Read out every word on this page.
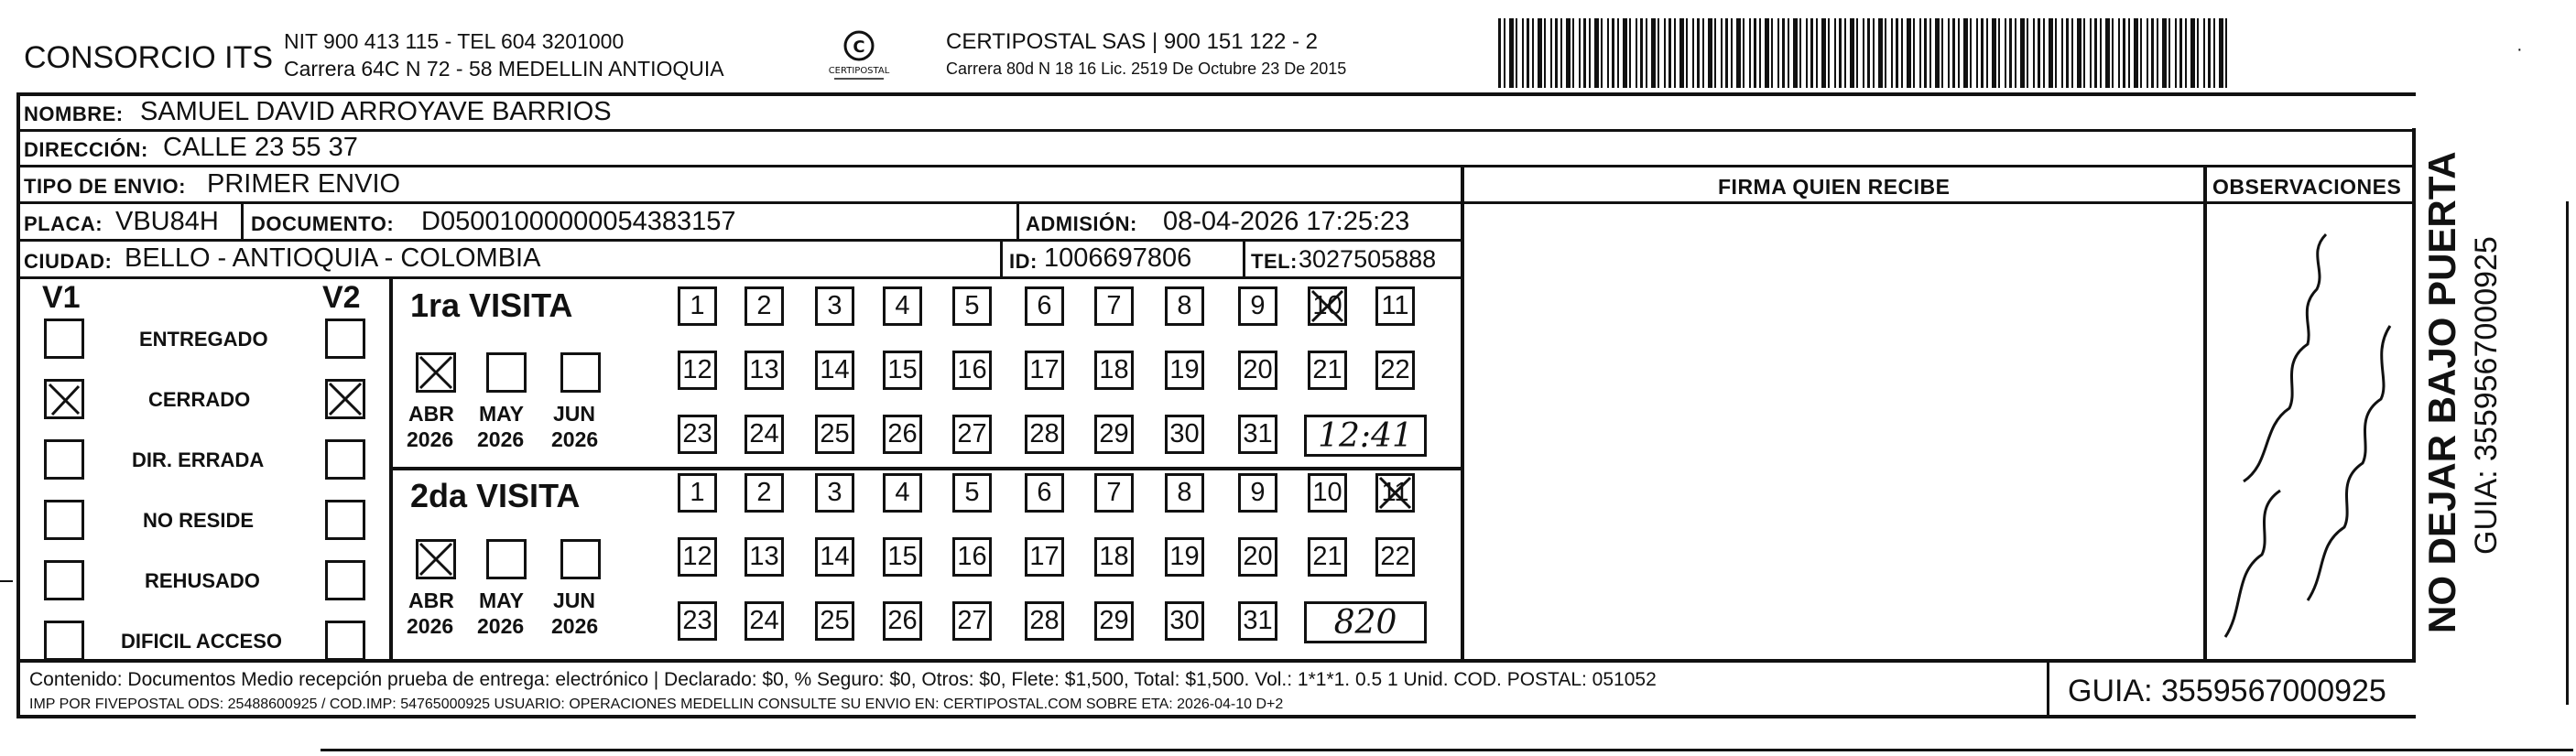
CONSORCIO ITS NIT 900 413 115 - TEL 604 3201000
Carrera 64C N 72 - 58 MEDELLIN ANTIOQUIA
C
CERTIPOSTAL
CERTIPOSTAL SAS | 900 151 122 - 2
Carrera 80d N 18 16 Lic. 2519 De Octubre 23 De 2015
·
NOMBRE: SAMUEL DAVID ARROYAVE BARRIOS
DIRECCIÓN: CALLE 23 55 37
TIPO DE ENVIO: PRIMER ENVIO	FIRMA QUIEN RECIBE	OBSERVACIONES
PLACA: VBU84H DOCUMENTO: D05001000000054383157	ADMISIÓN: 08-04-2026 17:25:23
CIUDAD: BELLO - ANTIOQUIA - COLOMBIA	ID: 1006697806	TEL: 3027505888
V1	V2
ENTREGADO
CERRADO
DIR. ERRADA
NO RESIDE
REHUSADO
DIFICIL ACCESO
1ra VISITA
2da VISITA
1	2	3	4	5	6	7	8	9	10 11
12 13 14 15 16 17 18 19 20 21 22
23 24 25 26 27 28 29 30 31 12:41
ABR
2026
MAY
2026
JUN
2026
1	2	3	4	5	6	7	8	9	10 11
12 13 14 15 16 17 18 19 20 21 22
23 24 25 26 27 28 29 30 31 820
ABR
2026
MAY
2026
JUN
2026
Contenido: Documentos Medio recepción prueba de entrega: electrónico | Declarado: $0, % Seguro: $0, Otros: $0, Flete: $1,500, Total: $1,500. Vol.: 1*1*1. 0.5 1 Unid. COD. POSTAL: 051052
IMP POR FIVEPOSTAL ODS: 25488600925 / COD.IMP: 54765000925 USUARIO: OPERACIONES MEDELLIN CONSULTE SU ENVIO EN: CERTIPOSTAL.COM SOBRE ETA: 2026-04-10 D+2	GUIA: 3559567000925
NO DEJAR BAJO PUERTA GUIA: 3559567000925
